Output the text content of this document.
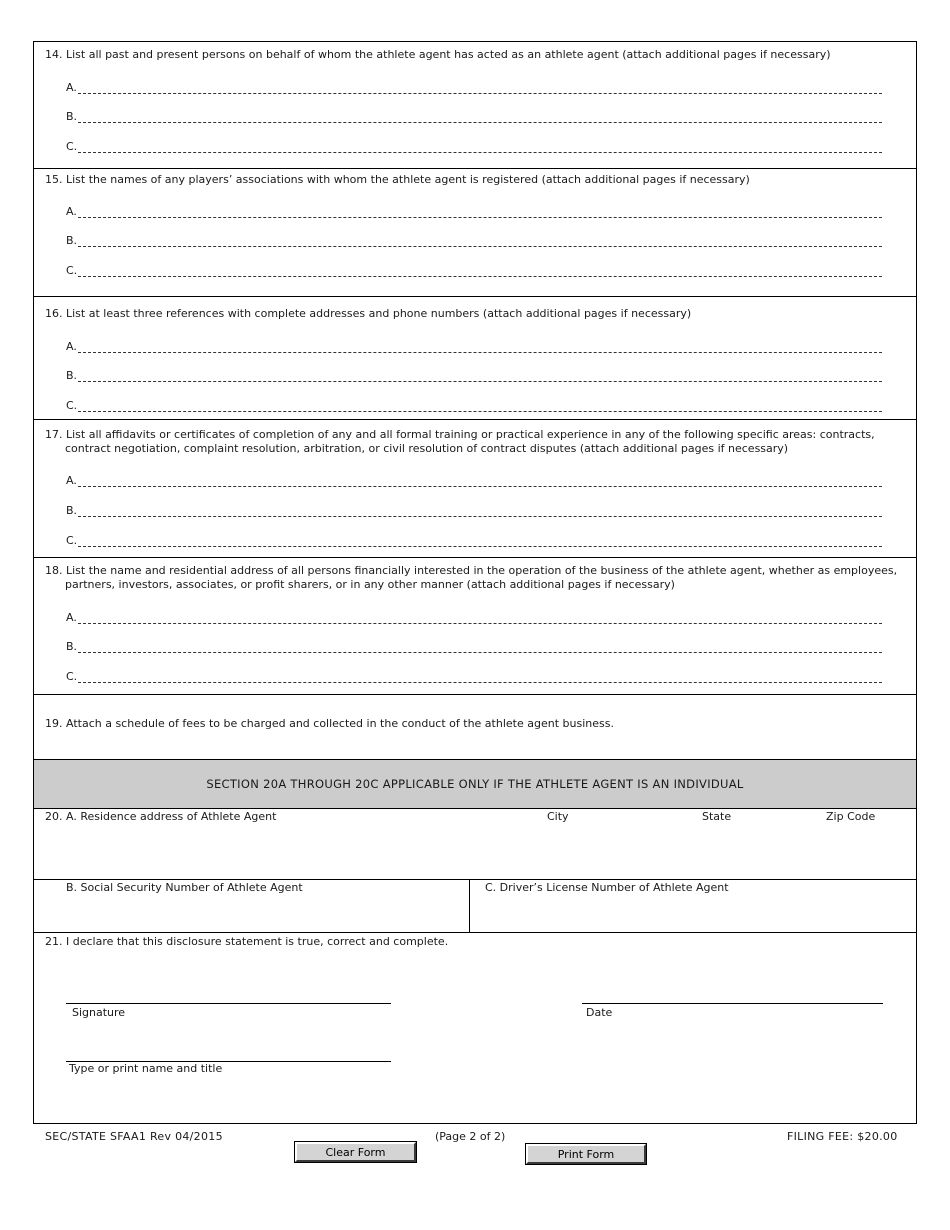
14. List all past and present persons on behalf of whom the athlete agent has acted as an athlete agent (attach additional pages if necessary)
A.
B.
C.
15. List the names of any players’ associations with whom the athlete agent is registered (attach additional pages if necessary)
A.
B.
C.
16. List at least three references with complete addresses and phone numbers (attach additional pages if necessary)
A.
B.
C.
17. List all affidavits or certificates of completion of any and all formal training or practical experience in any of the following specific areas: contracts, contract negotiation, complaint resolution, arbitration, or civil resolution of contract disputes (attach additional pages if necessary)
A.
B.
C.
18. List the name and residential address of all persons financially interested in the operation of the business of the athlete agent, whether as employees, partners, investors, associates, or profit sharers, or in any other manner (attach additional pages if necessary)
A.
B.
C.
19. Attach a schedule of fees to be charged and collected in the conduct of the athlete agent business.
SECTION 20A THROUGH 20C APPLICABLE ONLY IF THE ATHLETE AGENT IS AN INDIVIDUAL
20. A. Residence address of Athlete Agent	City	State	Zip Code
B. Social Security Number of Athlete Agent	C. Driver’s License Number of Athlete Agent
21. I declare that this disclosure statement is true, correct and complete.
Signature	Date
Type or print name and title
SEC/STATE SFAA1 Rev 04/2015	(Page 2 of 2)	FILING FEE: $20.00
Clear Form	Print Form
